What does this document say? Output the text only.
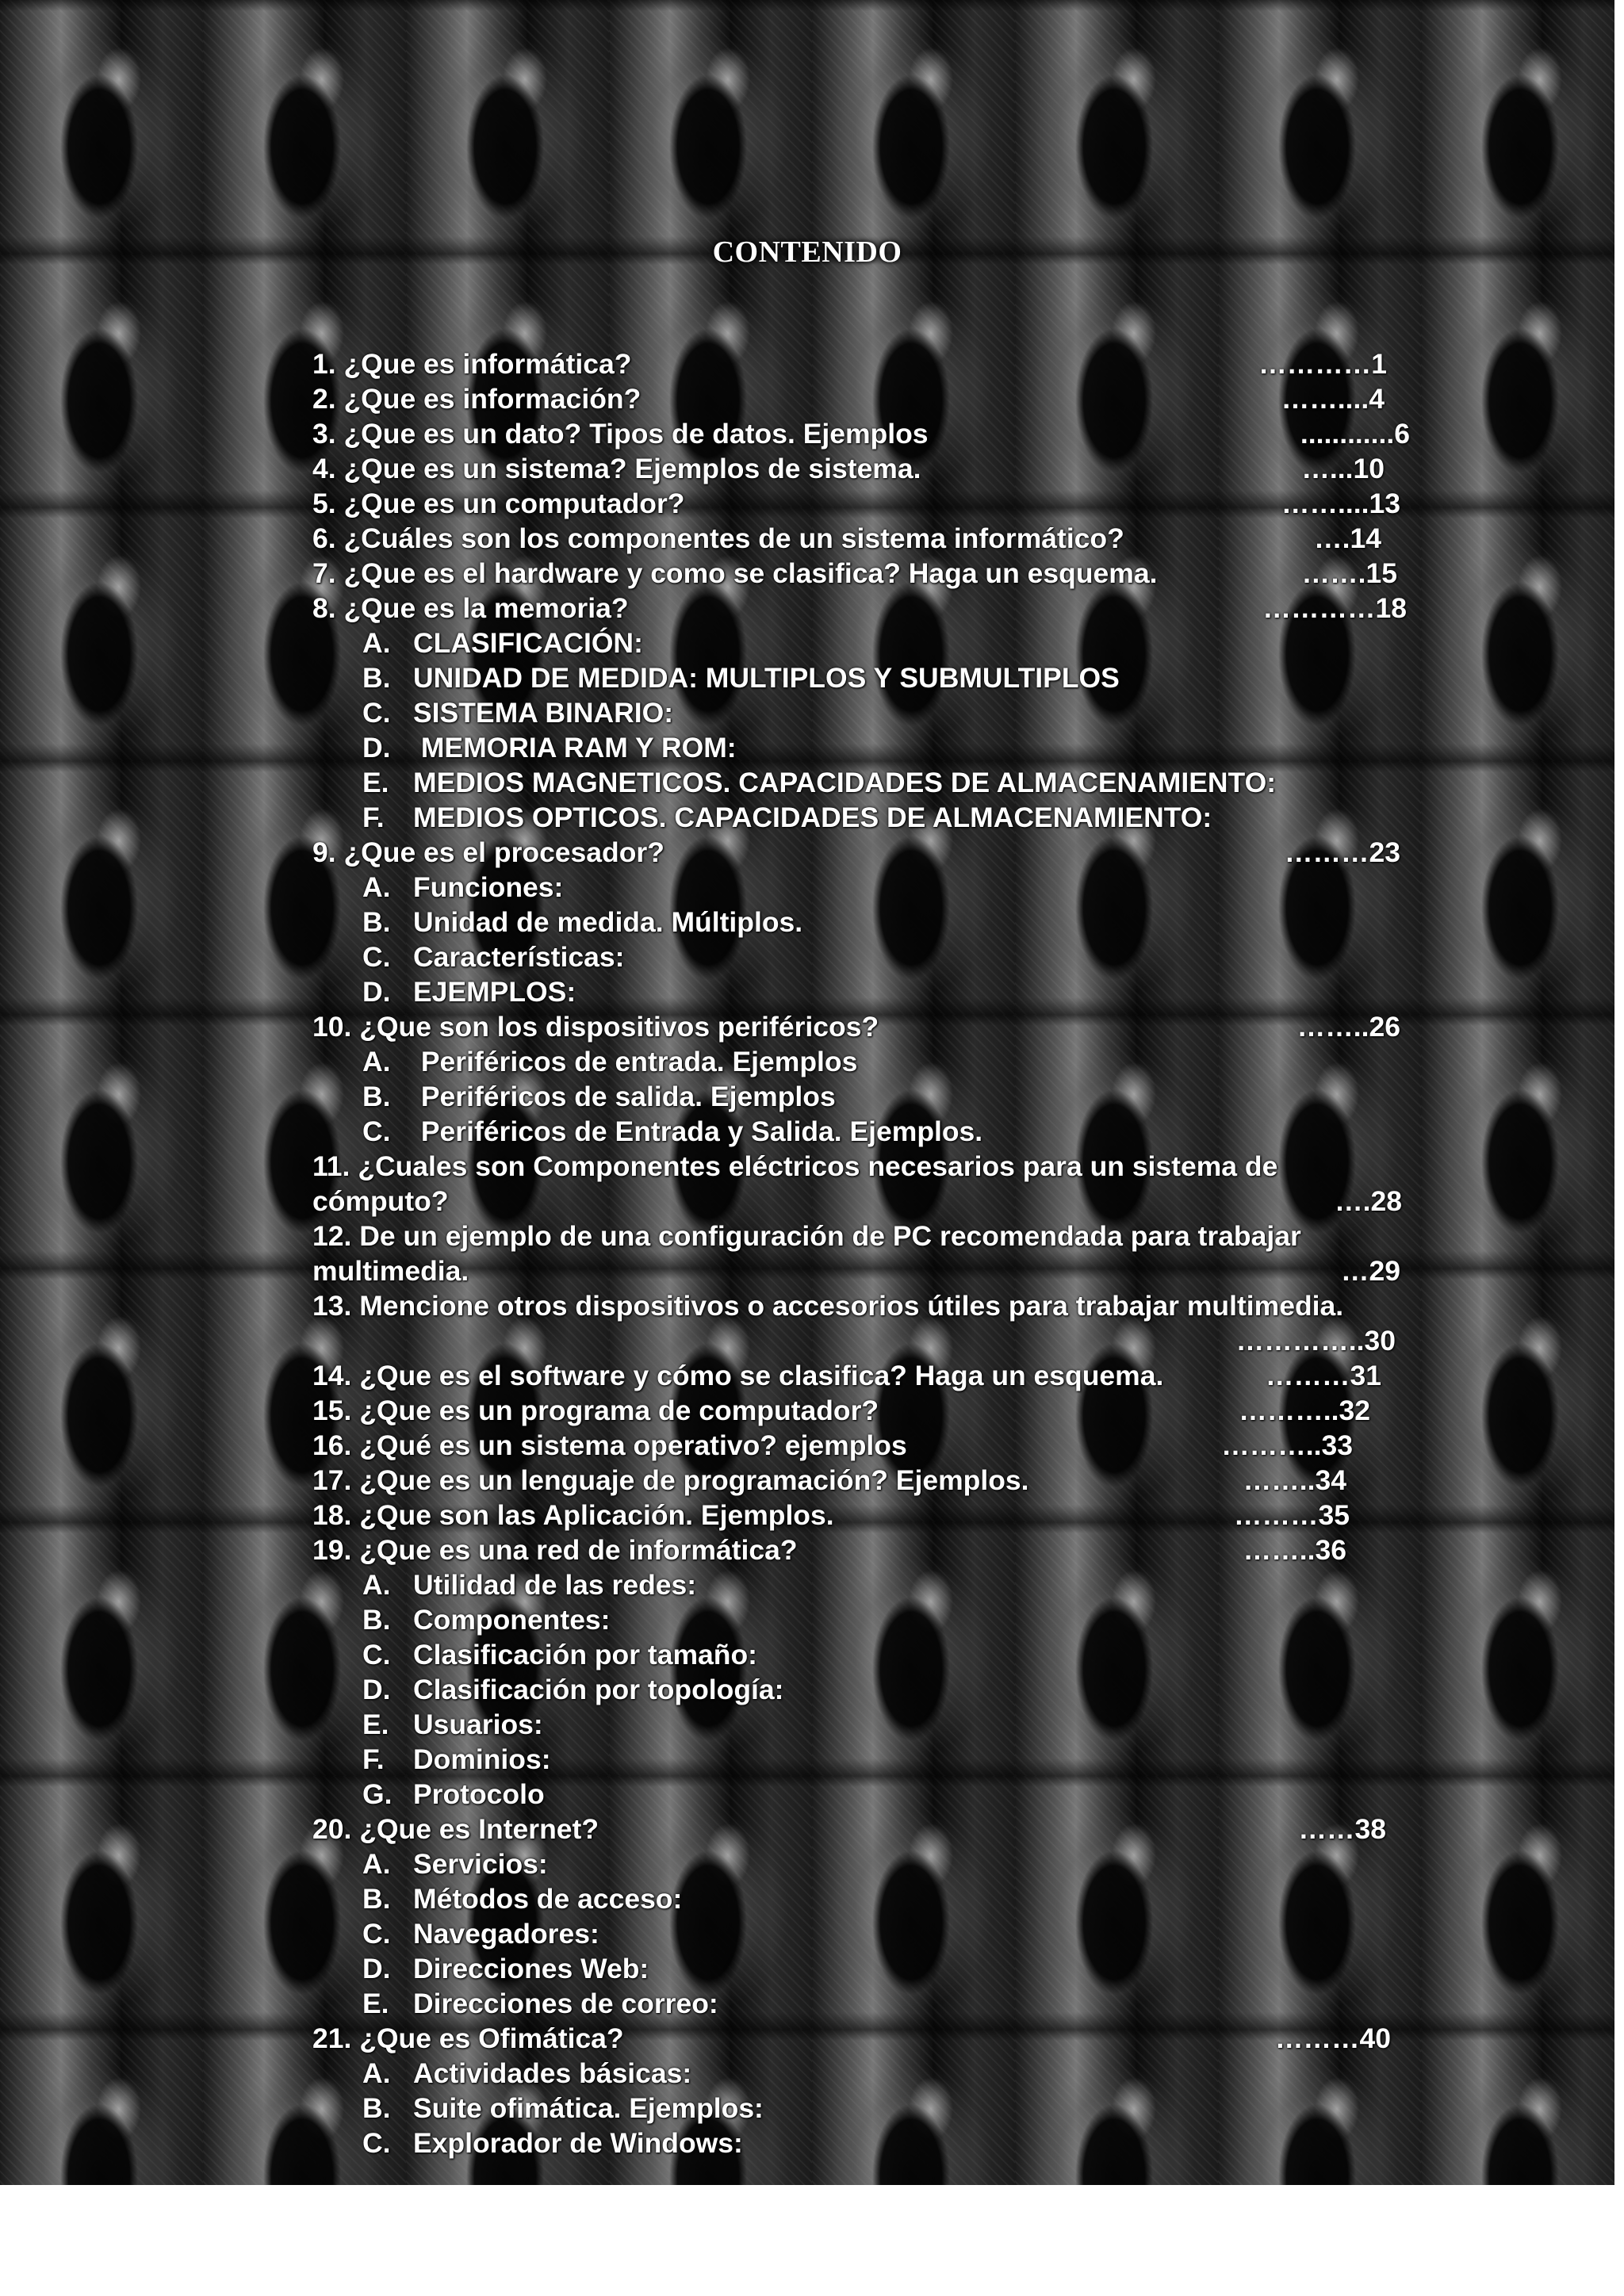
CONTENIDO
1. ¿Que es informática?	…………1
2. ¿Que es información?	……....4
3. ¿Que es un dato? Tipos de datos. Ejemplos	............6
4. ¿Que es un sistema? Ejemplos de sistema.	…...10
5. ¿Que es un computador?	……....13
6. ¿Cuáles son los componentes de un sistema informático?	….14
7. ¿Que es el hardware y como se clasifica? Haga un esquema.	…….15
8. ¿Que es la memoria?	…………18
A. CLASIFICACIÓN:
B. UNIDAD DE MEDIDA: MULTIPLOS Y SUBMULTIPLOS
C. SISTEMA BINARIO:
D. MEMORIA RAM Y ROM:
E. MEDIOS MAGNETICOS. CAPACIDADES DE ALMACENAMIENTO:
F. MEDIOS OPTICOS. CAPACIDADES DE ALMACENAMIENTO:
9. ¿Que es el procesador?	………23
A. Funciones:
B. Unidad de medida. Múltiplos.
C. Características:
D. EJEMPLOS:
10. ¿Que son los dispositivos periféricos?	……..26
A. Periféricos de entrada. Ejemplos
B. Periféricos de salida. Ejemplos
C. Periféricos de Entrada y Salida. Ejemplos.
11. ¿Cuales son Componentes eléctricos necesarios para un sistema de cómputo?	….28
12. De un ejemplo de una configuración de PC recomendada para trabajar multimedia.	…29
13. Mencione otros dispositivos o accesorios útiles para trabajar multimedia.
…………..30
14. ¿Que es el software y cómo se clasifica? Haga un esquema.	………31
15. ¿Que es un programa de computador?	………..32
16. ¿Qué es un sistema operativo? ejemplos	………..33
17. ¿Que es un lenguaje de programación? Ejemplos.	……..34
18. ¿Que son las Aplicación. Ejemplos.	………35
19. ¿Que es una red de informática?	……..36
A. Utilidad de las redes:
B. Componentes:
C. Clasificación por tamaño:
D. Clasificación por topología:
E. Usuarios:
F. Dominios:
G. Protocolo
20. ¿Que es Internet?	……38
A. Servicios:
B. Métodos de acceso:
C. Navegadores:
D. Direcciones Web:
E. Direcciones de correo:
21. ¿Que es Ofimática?	………40
A. Actividades básicas:
B. Suite ofimática. Ejemplos:
C. Explorador de Windows:
